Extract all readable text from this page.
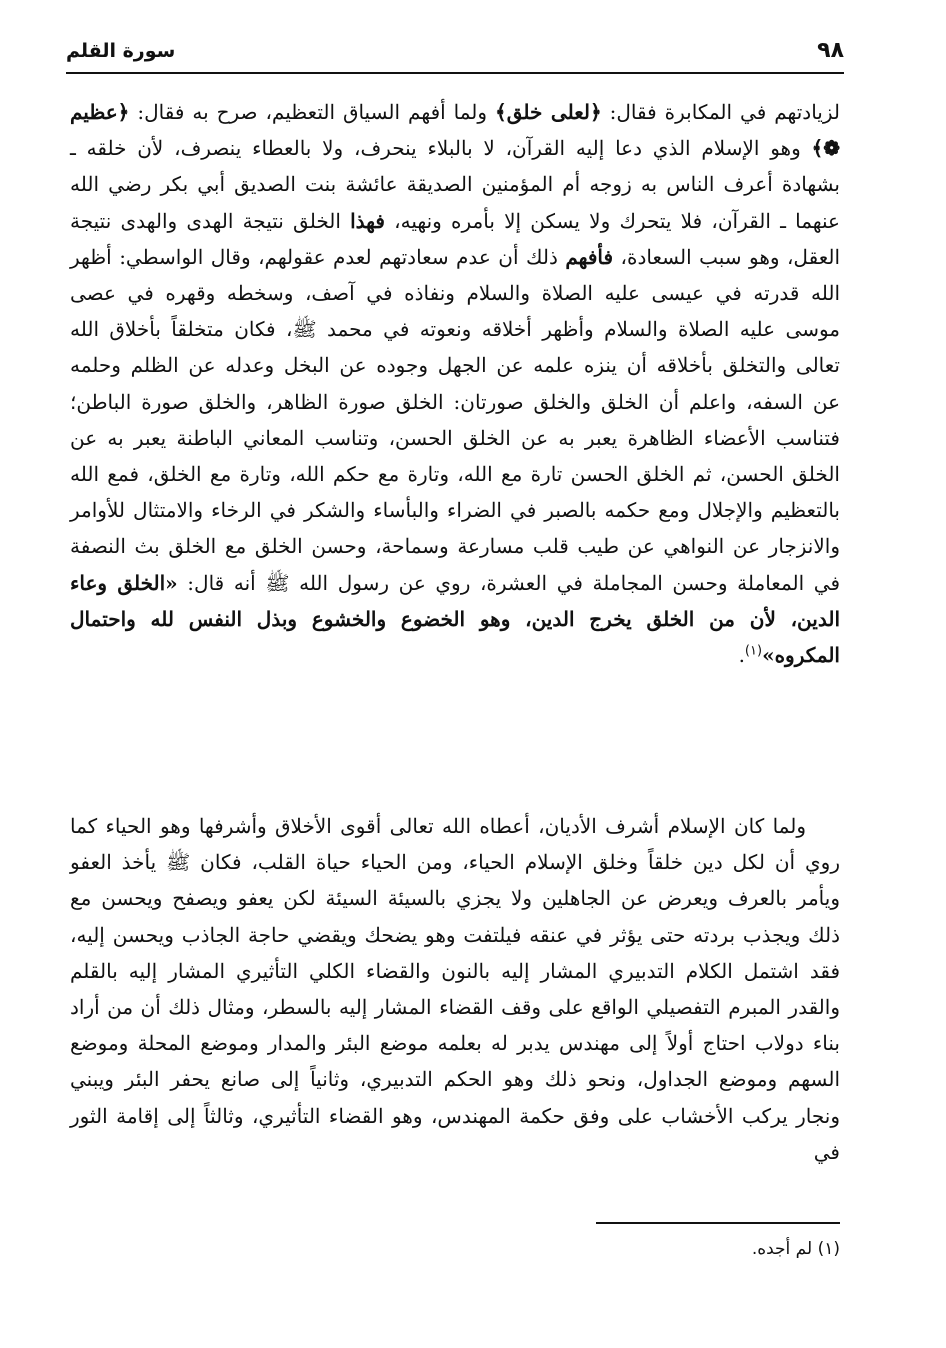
٩٨
سورة القلم

لزيادتهم في المكابرة فقال: ﴿لعلى خلق﴾ ولما أفهم السياق التعظيم، صرح به فقال: ﴿عظيم ❁﴾ وهو الإسلام الذي دعا إليه القرآن، لا بالبلاء ينحرف، ولا بالعطاء ينصرف، لأن خلقه ـ بشهادة أعرف الناس به زوجه أم المؤمنين الصديقة عائشة بنت الصديق أبي بكر رضي الله عنهما ـ القرآن، فلا يتحرك ولا يسكن إلا بأمره ونهيه، فهذا الخلق نتيجة الهدى والهدى نتيجة العقل، وهو سبب السعادة، فأفهم ذلك أن عدم سعادتهم لعدم عقولهم، وقال الواسطي: أظهر الله قدرته في عيسى عليه الصلاة والسلام ونفاذه في آصف، وسخطه وقهره في عصى موسى عليه الصلاة والسلام وأظهر أخلاقه ونعوته في محمد ﷺ، فكان متخلقاً بأخلاق الله تعالى والتخلق بأخلاقه أن ينزه علمه عن الجهل وجوده عن البخل وعدله عن الظلم وحلمه عن السفه، واعلم أن الخلق والخلق صورتان: الخلق صورة الظاهر، والخلق صورة الباطن؛ فتناسب الأعضاء الظاهرة يعبر به عن الخلق الحسن، وتناسب المعاني الباطنة يعبر به عن الخلق الحسن، ثم الخلق الحسن تارة مع الله، وتارة مع حكم الله، وتارة مع الخلق، فمع الله بالتعظيم والإجلال ومع حكمه بالصبر في الضراء والبأساء والشكر في الرخاء والامتثال للأوامر والانزجار عن النواهي عن طيب قلب مسارعة وسماحة، وحسن الخلق مع الخلق بث النصفة في المعاملة وحسن المجاملة في العشرة، روي عن رسول الله ﷺ أنه قال: «الخلق وعاء الدين، لأن من الخلق يخرج الدين، وهو الخضوع والخشوع وبذل النفس لله واحتمال المكروه»$^{(١)}$.

ولما كان الإسلام أشرف الأديان، أعطاه الله تعالى أقوى الأخلاق وأشرفها وهو الحياء كما روي أن لكل دين خلقاً وخلق الإسلام الحياء، ومن الحياء حياة القلب، فكان ﷺ يأخذ العفو ويأمر بالعرف ويعرض عن الجاهلين ولا يجزي بالسيئة السيئة لكن يعفو ويصفح ويحسن مع ذلك ويجذب بردته حتى يؤثر في عنقه فيلتفت وهو يضحك ويقضي حاجة الجاذب ويحسن إليه، فقد اشتمل الكلام التدبيري المشار إليه بالنون والقضاء الكلي التأثيري المشار إليه بالقلم والقدر المبرم التفصيلي الواقع على وقف القضاء المشار إليه بالسطر، ومثال ذلك أن من أراد بناء دولاب احتاج أولاً إلى مهندس يدبر له بعلمه موضع البئر والمدار وموضع المحلة وموضع السهم وموضع الجداول، ونحو ذلك وهو الحكم التدبيري، وثانياً إلى صانع يحفر البئر ويبني ونجار يركب الأخشاب على وفق حكمة المهندس، وهو القضاء التأثيري، وثالثاً إلى إقامة الثور في

(١) لم أجده.
